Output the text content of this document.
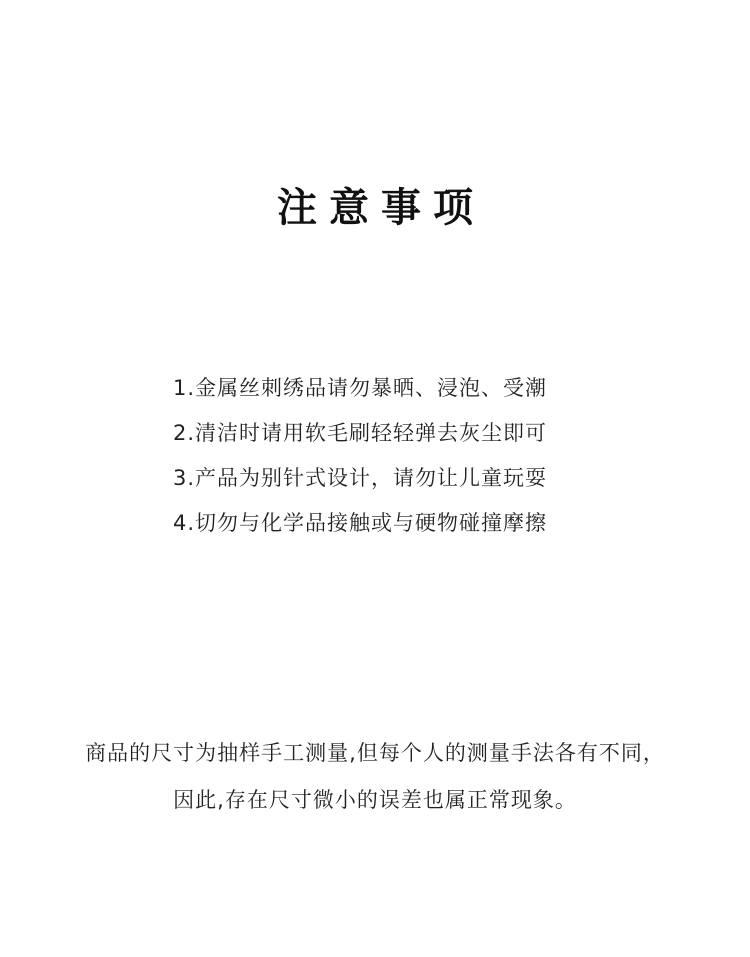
注意事项
1.金属丝刺绣品请勿暴晒、浸泡、受潮
2.清洁时请用软毛刷轻轻弹去灰尘即可
3.产品为别针式设计，请勿让儿童玩耍
4.切勿与化学品接触或与硬物碰撞摩擦

商品的尺寸为抽样手工测量,但每个人的测量手法各有不同，

因此,存在尺寸微小的误差也属正常现象。
